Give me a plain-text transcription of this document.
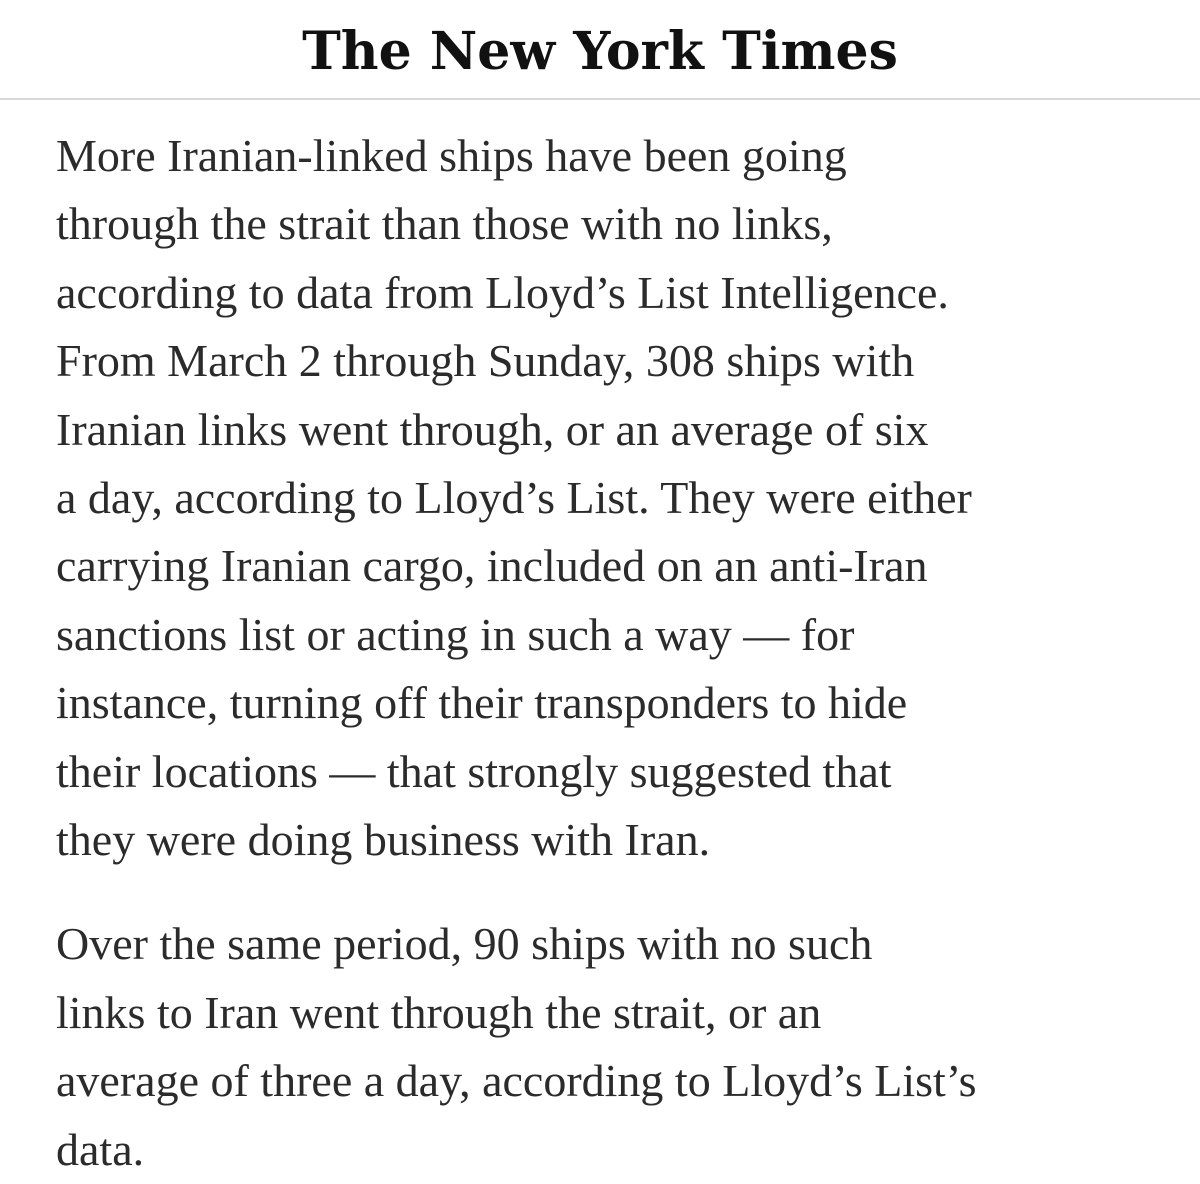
The New York Times

More Iranian-linked ships have been going
through the strait than those with no links,
according to data from Lloyd’s List Intelligence.
From March 2 through Sunday, 308 ships with
Iranian links went through, or an average of six
a day, according to Lloyd’s List. They were either
carrying Iranian cargo, included on an anti-Iran
sanctions list or acting in such a way — for
instance, turning off their transponders to hide
their locations — that strongly suggested that
they were doing business with Iran.

Over the same period, 90 ships with no such
links to Iran went through the strait, or an
average of three a day, according to Lloyd’s List’s
data.
